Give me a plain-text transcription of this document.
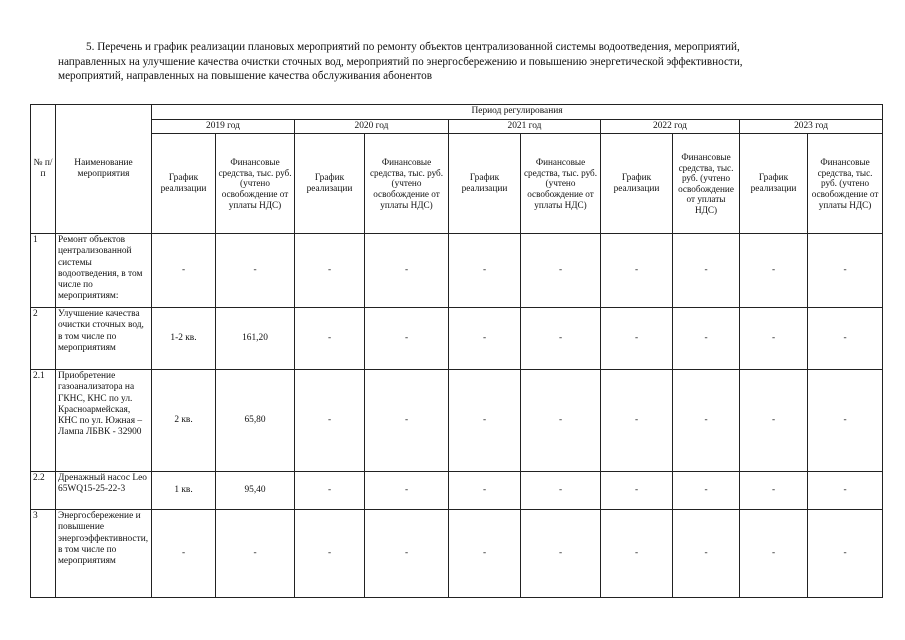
5. Перечень и график реализации плановых мероприятий по ремонту объектов централизованной системы водоотведения, мероприятий,
направленных на улучшение качества очистки сточных вод, мероприятий по энергосбережению и повышению энергетической эффективности,
мероприятий, направленных на повышение качества обслуживания абонентов
№ п/ п	Наименование мероприятия	Период регулирования									
		2019 год		2020 год		2021 год		2022 год		2023 год	
		График реализации	Финансовые средства, тыс. руб. (учтено освобождение от уплаты НДС)	График реализации	Финансовые средства, тыс. руб. (учтено освобождение от уплаты НДС)	График реализации	Финансовые средства, тыс. руб. (учтено освобождение от уплаты НДС)	График реализации	Финансовые средства, тыс. руб. (учтено освобождение от уплаты НДС)	График реализации	Финансовые средства, тыс. руб. (учтено освобождение от уплаты НДС)
1	Ремонт объектов централизованной системы водоотведения, в том числе по мероприятиям:	-	-	-	-	-	-	-	-	-	-
2	Улучшение качества очистки сточных вод, в том числе по мероприятиям	1-2 кв.	161,20	-	-	-	-	-	-	-	-
2.1	Приобретение газоанализатора на ГКНС, КНС по ул. Красноармейская, КНС по ул. Южная – Лампа ЛБВК - 32900	2 кв.	65,80	-	-	-	-	-	-	-	-
2.2	Дренажный насос Leo 65WQ15-25-22-3	1 кв.	95,40	-	-	-	-	-	-	-	-
3	Энергосбережение и повышение энергоэффективности, в том числе по мероприятиям	-	-	-	-	-	-	-	-	-	-
